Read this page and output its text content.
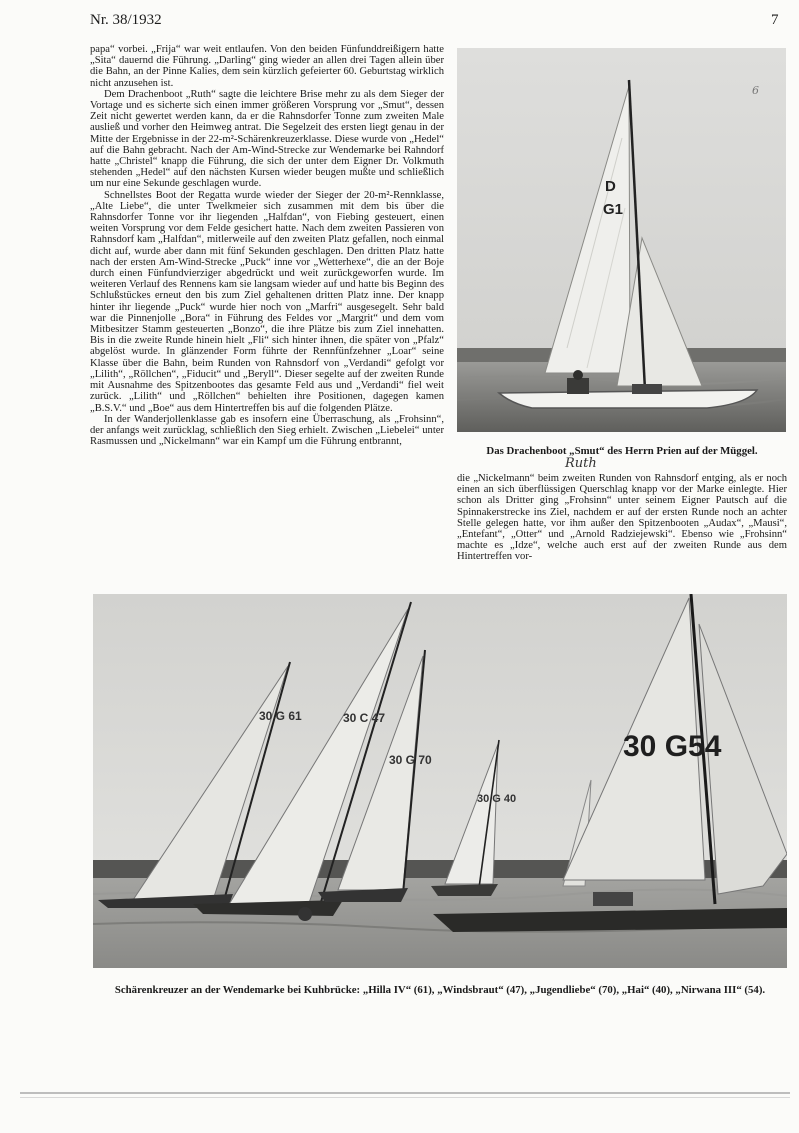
Nr. 38/1932	7

papa“ vorbei. „Frija“ war weit entlaufen. Von den beiden Fünfunddreißigern hatte „Sita“ dauernd die Führung. „Darling“ ging wieder an allen drei Tagen allein über die Bahn, an der Pinne Kalies, dem sein kürzlich gefeierter 60. Geburtstag wirklich nicht anzusehen ist.

Dem Drachenboot „Ruth“ sagte die leichtere Brise mehr zu als dem Sieger der Vortage und es sicherte sich einen immer größeren Vorsprung vor „Smut“, dessen Zeit nicht gewertet werden kann, da er die Rahnsdorfer Tonne zum zweiten Male ausließ und vorher den Heimweg antrat. Die Segelzeit des ersten liegt genau in der Mitte der Ergebnisse in der 22-m²-Schärenkreuzerklasse. Diese wurde von „Hedel“ auf die Bahn gebracht. Nach der Am-Wind-Strecke zur Wendemarke bei Rahndorf hatte „Christel“ knapp die Führung, die sich der unter dem Eigner Dr. Volkmuth stehenden „Hedel“ auf den nächsten Kursen wieder beugen mußte und schließlich um nur eine Sekunde geschlagen wurde.

Schnellstes Boot der Regatta wurde wieder der Sieger der 20-m²-Rennklasse, „Alte Liebe“, die unter Twelkmeier sich zusammen mit dem bis über die Rahnsdorfer Tonne vor ihr liegenden „Halfdan“, von Fiebing gesteuert, einen weiten Vorsprung vor dem Felde gesichert hatte. Nach dem zweiten Passieren von Rahnsdorf kam „Halfdan“, mitlerweile auf den zweiten Platz gefallen, noch einmal dicht auf, wurde aber dann mit fünf Sekunden geschlagen. Den dritten Platz hatte nach der ersten Am-Wind-Strecke „Puck“ inne vor „Wetterhexe“, die an der Boje durch einen Fünfundvierziger abgedrückt und weit zurückgeworfen wurde. Im weiteren Verlauf des Rennens kam sie langsam wieder auf und hatte bis Beginn des Schlußstückes erneut den bis zum Ziel gehaltenen dritten Platz inne. Der knapp hinter ihr liegende „Puck“ wurde hier noch von „Marfri“ ausgesegelt. Sehr bald war die Pinnenjolle „Bora“ in Führung des Feldes vor „Margrit“ und dem vom Mitbesitzer Stamm gesteuerten „Bonzo“, die ihre Plätze bis zum Ziel innehatten. Bis in die zweite Runde hinein hielt „Fli“ sich hinter ihnen, die später von „Pfalz“ abgelöst wurde. In glänzender Form führte der Rennfünfzehner „Loar“ seine Klasse über die Bahn, beim Runden von Rahnsdorf von „Verdandi“ gefolgt vor „Lilith“, „Röllchen“, „Fiducit“ und „Beryll“. Dieser segelte auf der zweiten Runde mit Ausnahme des Spitzenbootes das gesamte Feld aus und „Verdandi“ fiel weit zurück. „Lilith“ und „Röllchen“ behielten ihre Positionen, dagegen kamen „B.S.V.“ und „Boe“ aus dem Hintertreffen bis auf die folgenden Plätze.

In der Wanderjollenklasse gab es insofern eine Überraschung, als „Frohsinn“, der anfangs weit zurücklag, schließlich den Sieg erhielt. Zwischen „Liebelei“ unter Rasmussen und „Nickelmann“ war ein Kampf um die Führung entbrannt,

D
G1
6
Das Drachenboot „Smut“ des Herrn Prien auf der Müggel.
Ruth

die „Nickelmann“ beim zweiten Runden von Rahnsdorf entging, als er noch einen an sich überflüssigen Querschlag knapp vor der Marke einlegte. Hier schon als Dritter ging „Frohsinn“ unter seinem Eigner Pautsch auf die Spinnakerstrecke ins Ziel, nachdem er auf der ersten Runde noch an achter Stelle gelegen hatte, vor ihm außer den Spitzenbooten „Audax“, „Mausi“, „Entefant“, „Otter“ und „Arnold Radziejewski“. Ebenso wie „Frohsinn“ machte es „Idze“, welche auch erst auf der zweiten Runde aus dem Hintertreffen vor-

30 G 61	30 C 47
30 G 70
30 G 40
30 G54
Schärenkreuzer an der Wendemarke bei Kuhbrücke: „Hilla IV“ (61), „Windsbraut“ (47), „Jugendliebe“ (70), „Hai“ (40), „Nirwana III“ (54).
